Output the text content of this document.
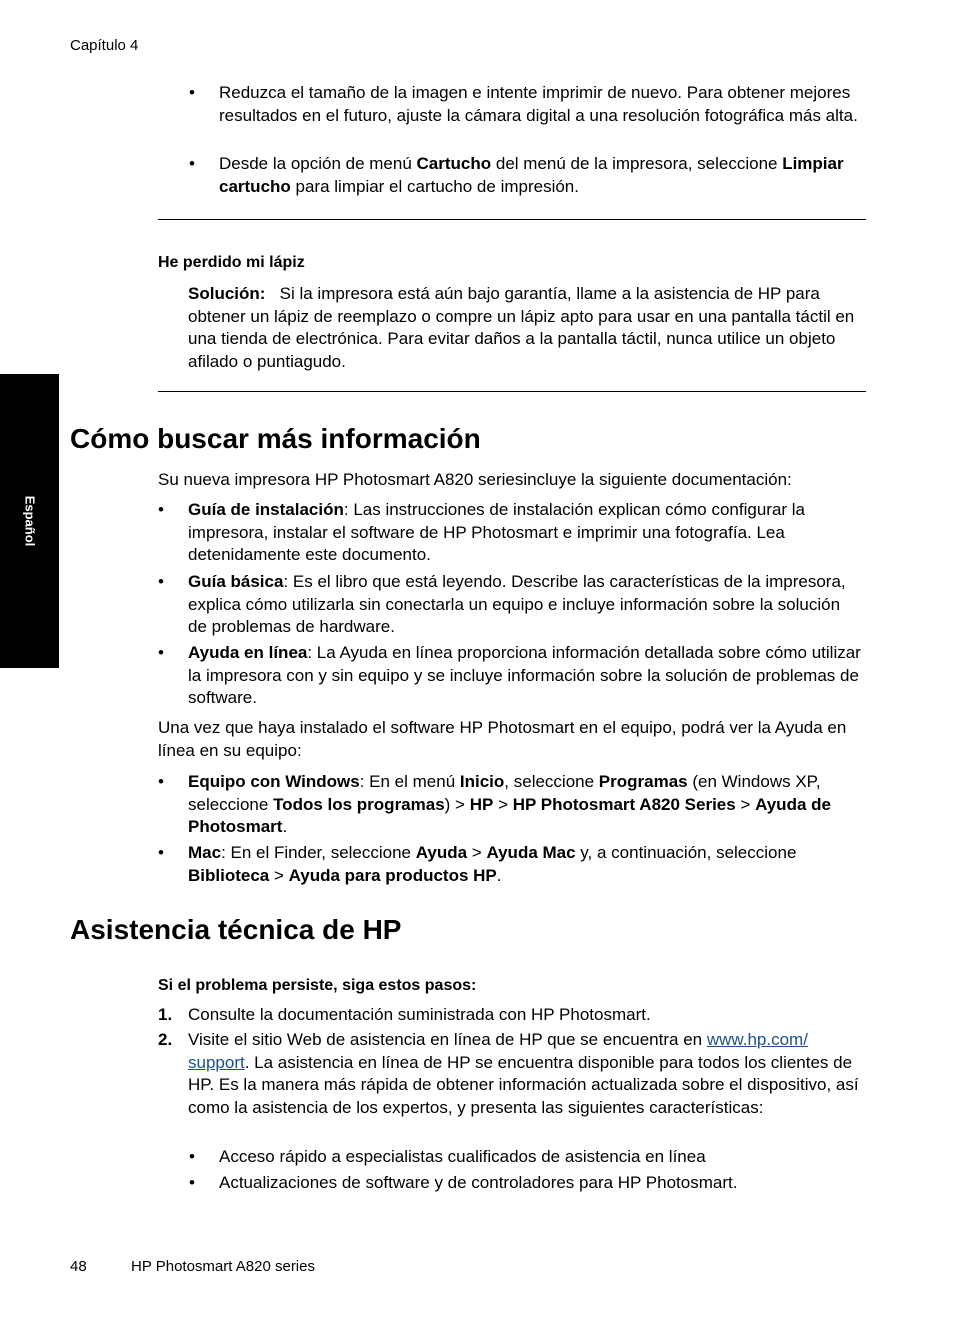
Capítulo 4
Español
• Reduzca el tamaño de la imagen e intente imprimir de nuevo. Para obtener mejores resultados en el futuro, ajuste la cámara digital a una resolución fotográfica más alta.
• Desde la opción de menú Cartucho del menú de la impresora, seleccione Limpiar cartucho para limpiar el cartucho de impresión.
He perdido mi lápiz
Solución: Si la impresora está aún bajo garantía, llame a la asistencia de HP para obtener un lápiz de reemplazo o compre un lápiz apto para usar en una pantalla táctil en una tienda de electrónica. Para evitar daños a la pantalla táctil, nunca utilice un objeto afilado o puntiagudo.
Cómo buscar más información
Su nueva impresora HP Photosmart A820 seriesincluye la siguiente documentación:
• Guía de instalación: Las instrucciones de instalación explican cómo configurar la impresora, instalar el software de HP Photosmart e imprimir una fotografía. Lea detenidamente este documento.
• Guía básica: Es el libro que está leyendo. Describe las características de la impresora, explica cómo utilizarla sin conectarla un equipo e incluye información sobre la solución de problemas de hardware.
• Ayuda en línea: La Ayuda en línea proporciona información detallada sobre cómo utilizar la impresora con y sin equipo y se incluye información sobre la solución de problemas de software.
Una vez que haya instalado el software HP Photosmart en el equipo, podrá ver la Ayuda en línea en su equipo:
• Equipo con Windows: En el menú Inicio, seleccione Programas (en Windows XP, seleccione Todos los programas) > HP > HP Photosmart A820 Series > Ayuda de Photosmart.
• Mac: En el Finder, seleccione Ayuda > Ayuda Mac y, a continuación, seleccione Biblioteca > Ayuda para productos HP.
Asistencia técnica de HP
Si el problema persiste, siga estos pasos:
1. Consulte la documentación suministrada con HP Photosmart.
2. Visite el sitio Web de asistencia en línea de HP que se encuentra en www.hp.com/
support. La asistencia en línea de HP se encuentra disponible para todos los clientes de HP. Es la manera más rápida de obtener información actualizada sobre el dispositivo, así como la asistencia de los expertos, y presenta las siguientes características:
• Acceso rápido a especialistas cualificados de asistencia en línea
• Actualizaciones de software y de controladores para HP Photosmart.
48	HP Photosmart A820 series
